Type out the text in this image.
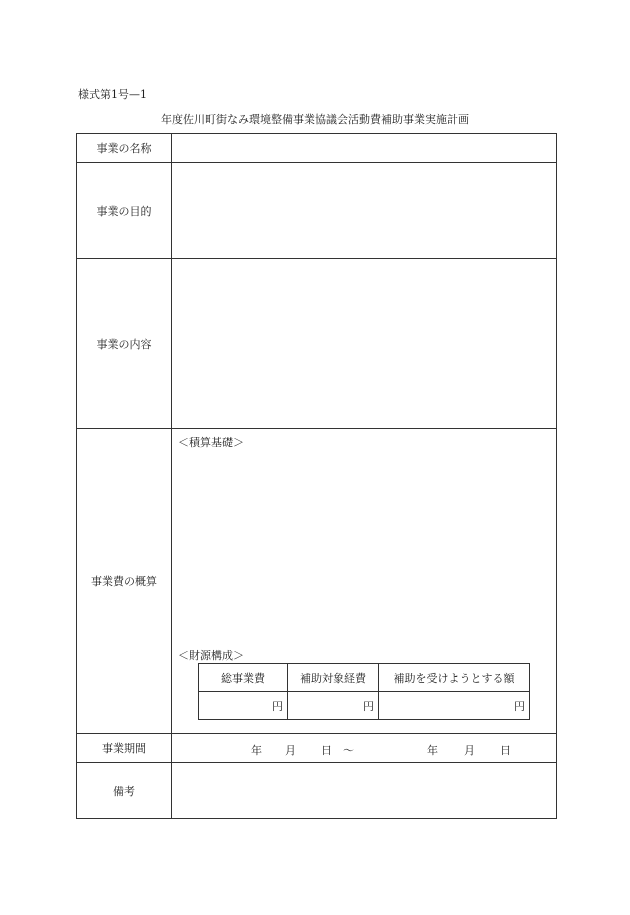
様式第1号—1
年度佐川町街なみ環境整備事業協議会活動費補助事業実施計画
事業の名称	
事業の目的	
事業の内容	
事業費の概算	
＜積算基礎＞
＜財源構成＞
総事業費	補助対象経費	補助を受けようとする額
円	円	円

事業期間	年 月 日 ～	年 月 日

備考	
